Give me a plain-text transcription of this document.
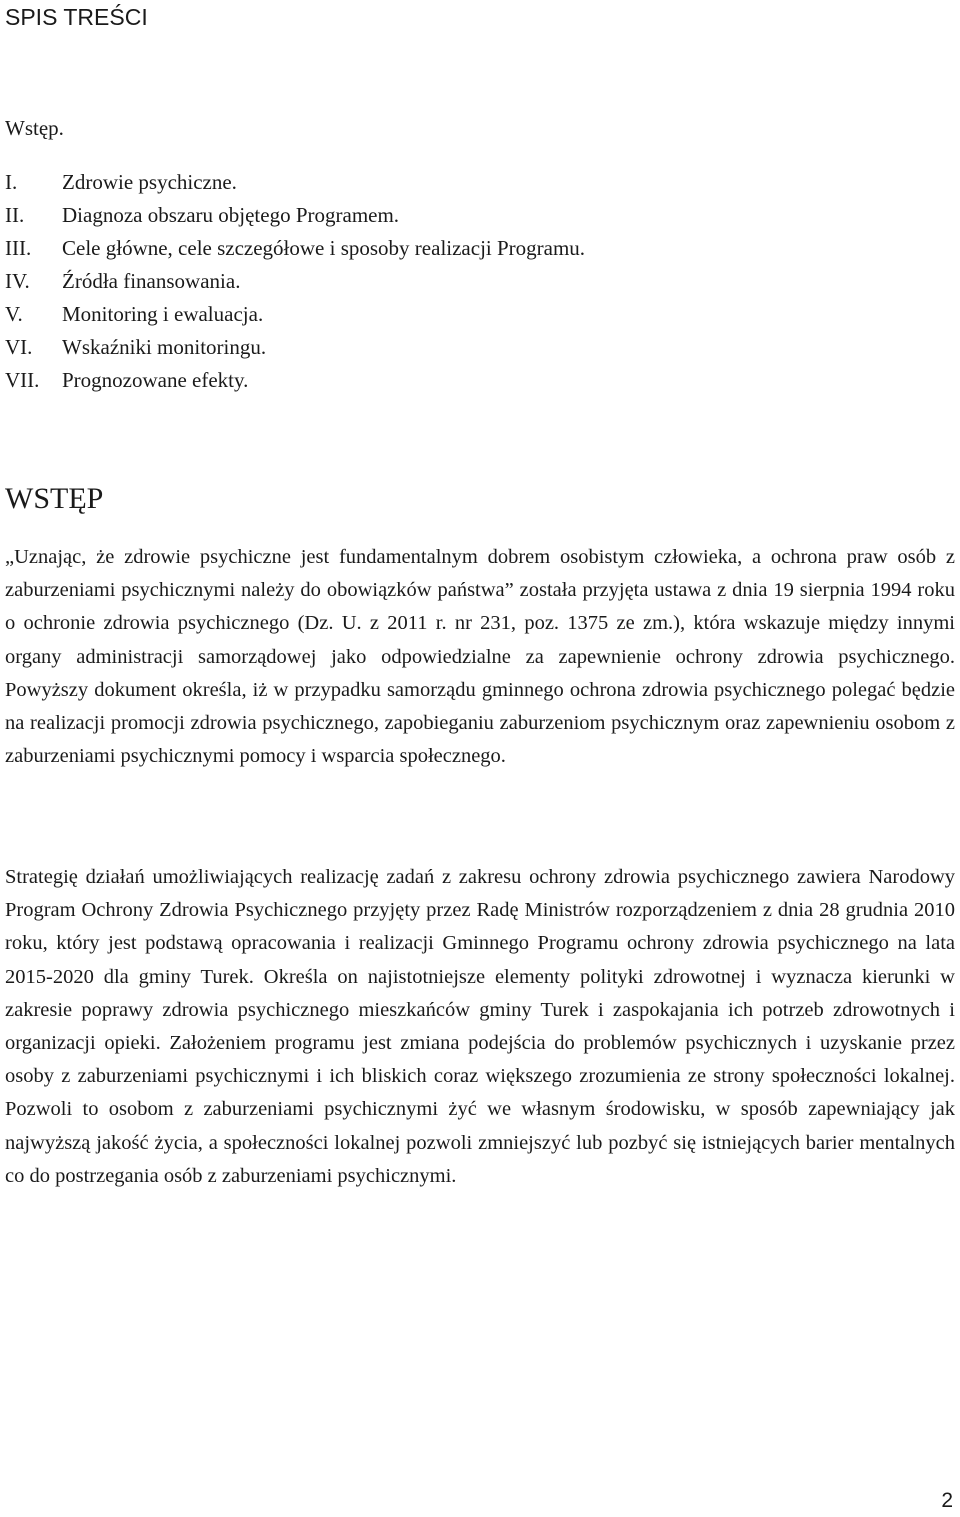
SPIS TREŚCI
Wstęp.
I.	Zdrowie psychiczne.
II.	Diagnoza obszaru objętego Programem.
III.	Cele główne, cele szczegółowe i sposoby realizacji Programu.
IV.	Źródła finansowania.
V.	Monitoring i ewaluacja.
VI.	Wskaźniki monitoringu.
VII.	Prognozowane efekty.
WSTĘP

„Uznając, że zdrowie psychiczne jest fundamentalnym dobrem osobistym człowieka, a ochrona praw osób z zaburzeniami psychicznymi należy do obowiązków państwa” została przyjęta ustawa z dnia 19 sierpnia 1994 roku o ochronie zdrowia psychicznego (Dz. U. z 2011 r. nr 231, poz. 1375 ze zm.), która wskazuje między innymi organy administracji samorządowej jako odpowiedzialne za zapewnienie ochrony zdrowia psychicznego. Powyższy dokument określa, iż w przypadku samorządu gminnego ochrona zdrowia psychicznego polegać będzie na realizacji promocji zdrowia psychicznego, zapobieganiu zaburzeniom psychicznym oraz zapewnieniu osobom z zaburzeniami psychicznymi pomocy i wsparcia społecznego.

Strategię działań umożliwiających realizację zadań z zakresu ochrony zdrowia psychicznego zawiera Narodowy Program Ochrony Zdrowia Psychicznego przyjęty przez Radę Ministrów rozporządzeniem z dnia 28 grudnia 2010 roku, który jest podstawą opracowania i realizacji Gminnego Programu ochrony zdrowia psychicznego na lata 2015-2020 dla gminy Turek. Określa on najistotniejsze elementy polityki zdrowotnej i wyznacza kierunki w zakresie poprawy zdrowia psychicznego mieszkańców gminy Turek i zaspokajania ich potrzeb zdrowotnych i organizacji opieki. Założeniem programu jest zmiana podejścia do problemów psychicznych i uzyskanie przez osoby z zaburzeniami psychicznymi i ich bliskich coraz większego zrozumienia ze strony społeczności lokalnej. Pozwoli to osobom z zaburzeniami psychicznymi żyć we własnym środowisku, w sposób zapewniający jak najwyższą jakość życia, a społeczności lokalnej pozwoli zmniejszyć lub pozbyć się istniejących barier mentalnych co do postrzegania osób z zaburzeniami psychicznymi.

2
